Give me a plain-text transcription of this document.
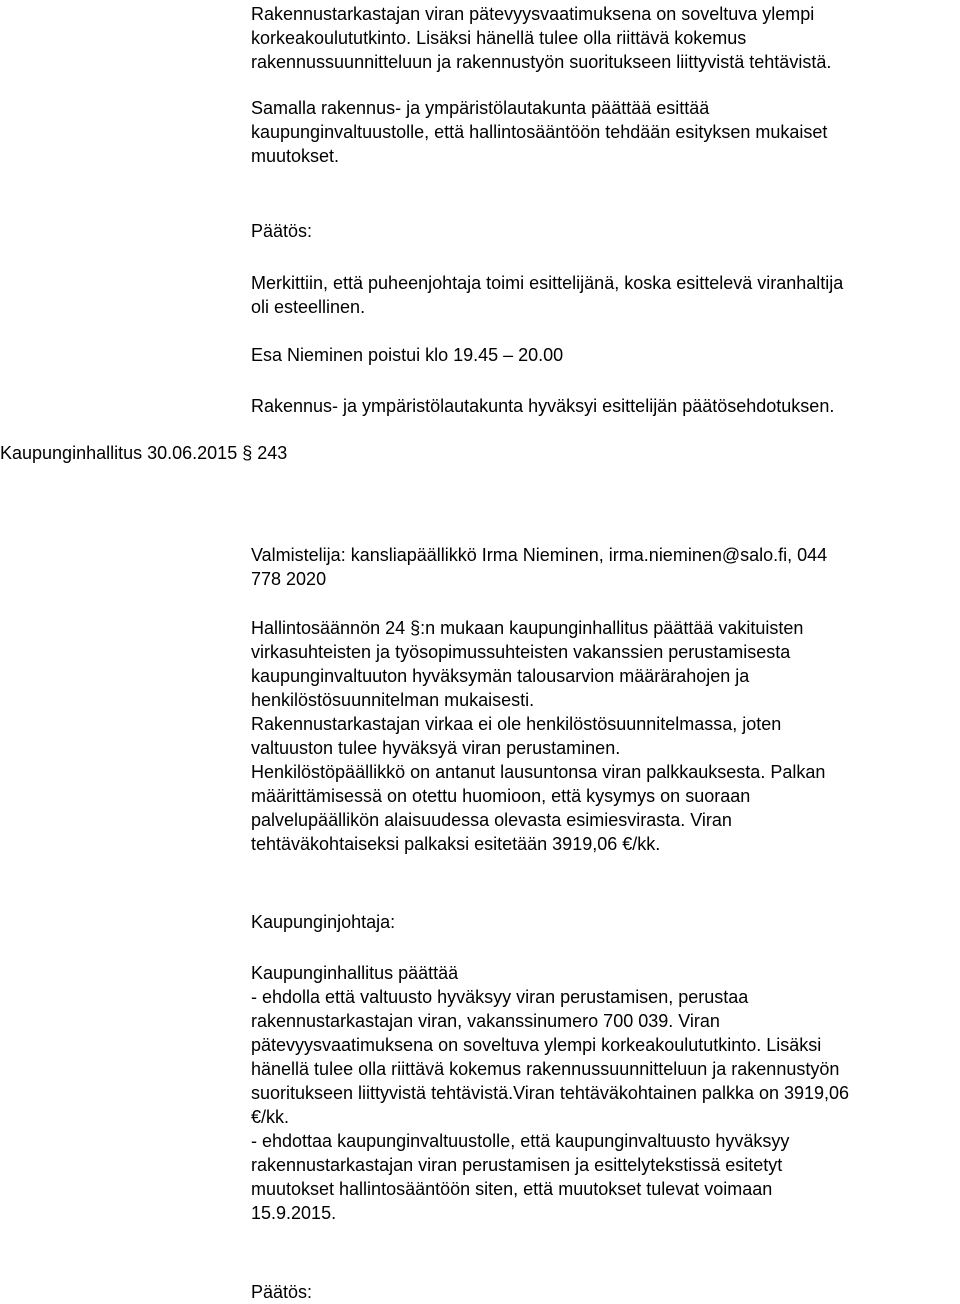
Rakennustarkastajan viran pätevyysvaatimuksena on soveltuva ylempi
korkeakoulututkinto. Lisäksi hänellä tulee olla riittävä kokemus
rakennussuunnitteluun ja rakennustyön suoritukseen liittyvistä tehtävistä.
Samalla rakennus- ja ympäristölautakunta päättää esittää
kaupunginvaltuustolle, että hallintosääntöön tehdään esityksen mukaiset
muutokset.

Päätös:

Merkittiin, että puheenjohtaja toimi esittelijänä, koska esittelevä viranhaltija
oli esteellinen.

Esa Nieminen poistui klo 19.45 – 20.00

Rakennus- ja ympäristölautakunta hyväksyi esittelijän päätösehdotuksen.

Kaupunginhallitus 30.06.2015 § 243

Valmistelija: kansliapäällikkö Irma Nieminen, irma.nieminen@salo.fi, 044
778 2020
Hallintosäännön 24 §:n mukaan kaupunginhallitus päättää vakituisten
virkasuhteisten ja työsopimussuhteisten vakanssien perustamisesta
kaupunginvaltuuton hyväksymän talousarvion määrärahojen ja
henkilöstösuunnitelman mukaisesti.
Rakennustarkastajan virkaa ei ole henkilöstösuunnitelmassa, joten
valtuuston tulee hyväksyä viran perustaminen.
Henkilöstöpäällikkö on antanut lausuntonsa viran palkkauksesta. Palkan
määrittämisessä on otettu huomioon, että kysymys on suoraan
palvelupäällikön alaisuudessa olevasta esimiesvirasta. Viran
tehtäväkohtaiseksi palkaksi esitetään 3919,06 €/kk.

Kaupunginjohtaja:

Kaupunginhallitus päättää
- ehdolla että valtuusto hyväksyy viran perustamisen, perustaa
rakennustarkastajan viran, vakanssinumero 700 039. Viran
pätevyysvaatimuksena on soveltuva ylempi korkeakoulututkinto. Lisäksi
hänellä tulee olla riittävä kokemus rakennussuunnitteluun ja rakennustyön
suoritukseen liittyvistä tehtävistä.Viran tehtäväkohtainen palkka on 3919,06
€/kk.
- ehdottaa kaupunginvaltuustolle, että kaupunginvaltuusto hyväksyy
rakennustarkastajan viran perustamisen ja esittelytekstissä esitetyt
muutokset hallintosääntöön siten, että muutokset tulevat voimaan
15.9.2015.

Päätös:
